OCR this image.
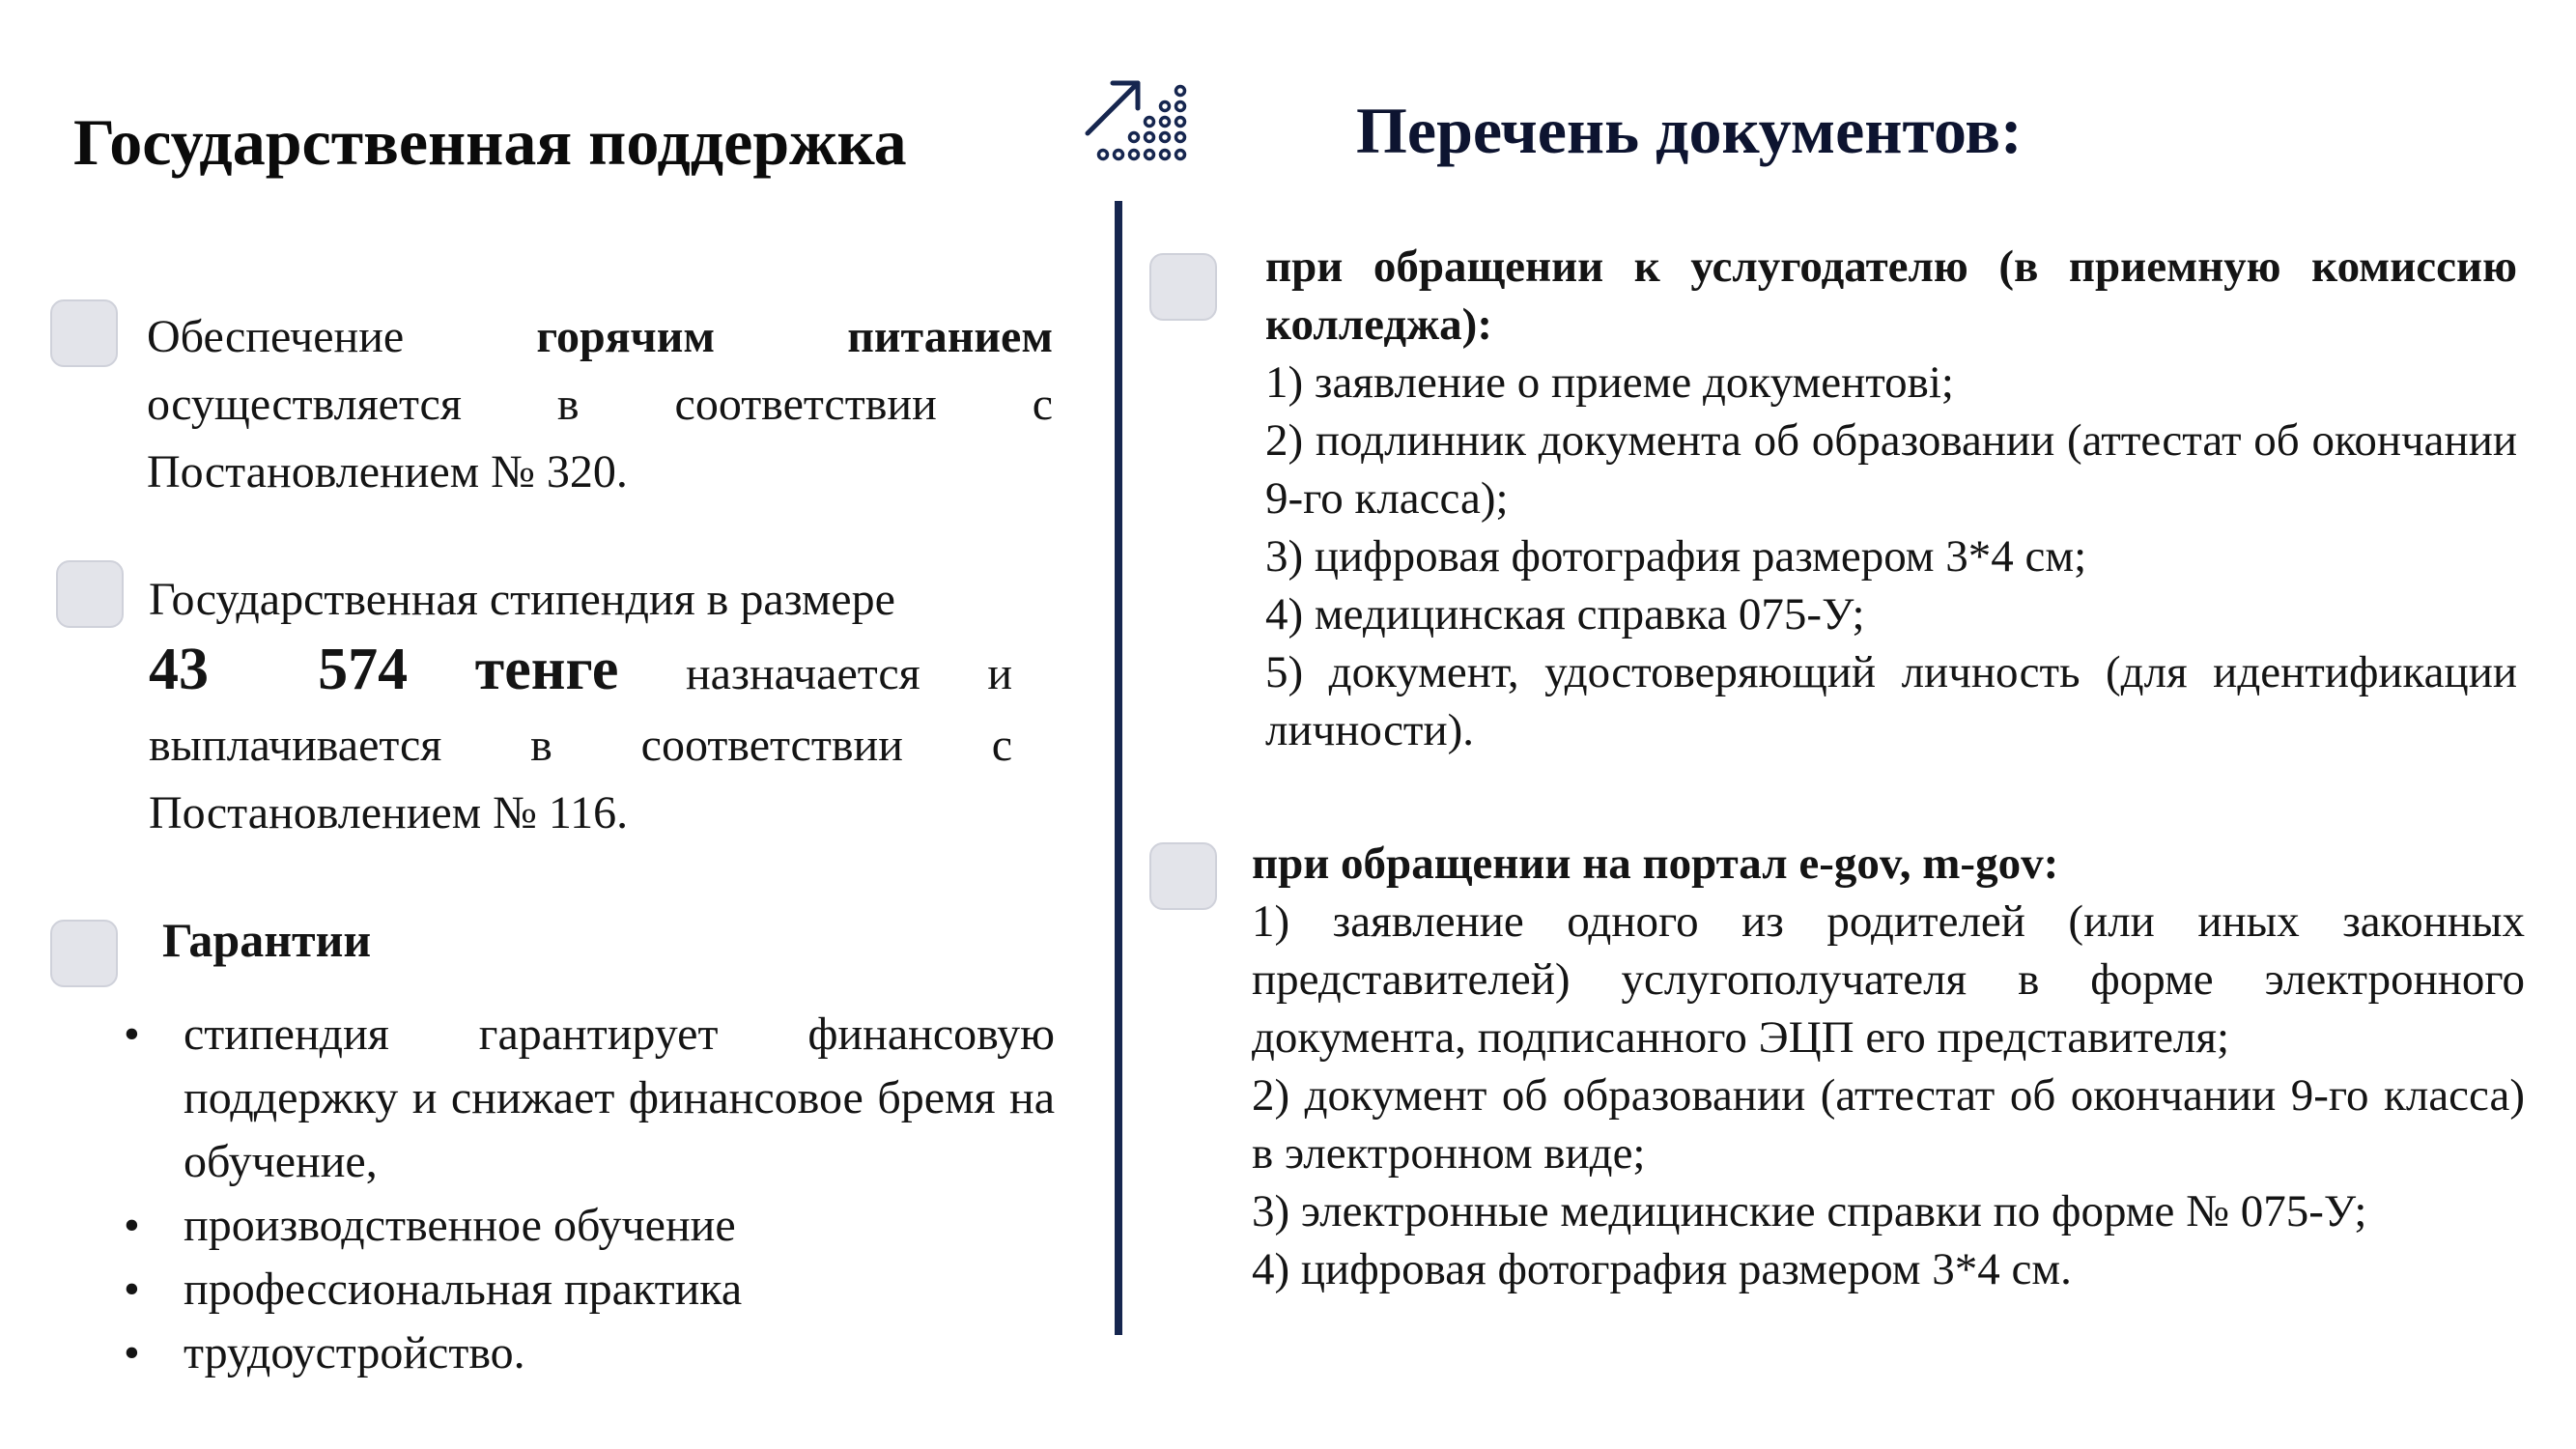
Государственная поддержка
Обеспечение	горячим	питанием
осуществляется в соответствии с
Постановлением № 320.
Государственная стипендия в размере
43 574 тенге назначается и
выплачивается в соответствии с
Постановлением № 116.
Гарантии
• стипендия гарантирует финансовую поддержку и снижает финансовое бремя на обучение,
• производственное обучение
• профессиональная практика
• трудоустройство.
Перечень документов:
при обращении к услугодателю (в приемную комиссию колледжа):
1) заявление о приеме документові;
2) подлинник документа об образовании (аттестат об окончании 9-го класса);
3) цифровая фотография размером 3*4 см;
4) медицинская справка 075-У;
5) документ, удостоверяющий личность (для идентификации личности).
при обращении на портал e-gov, m-gov:
1) заявление одного из родителей (или иных законных представителей) услугополучателя в форме электронного документа, подписанного ЭЦП его представителя;
2) документ об образовании (аттестат об окончании 9-го класса) в электронном виде;
3) электронные медицинские справки по форме № 075-У;
4) цифровая фотография размером 3*4 см.
